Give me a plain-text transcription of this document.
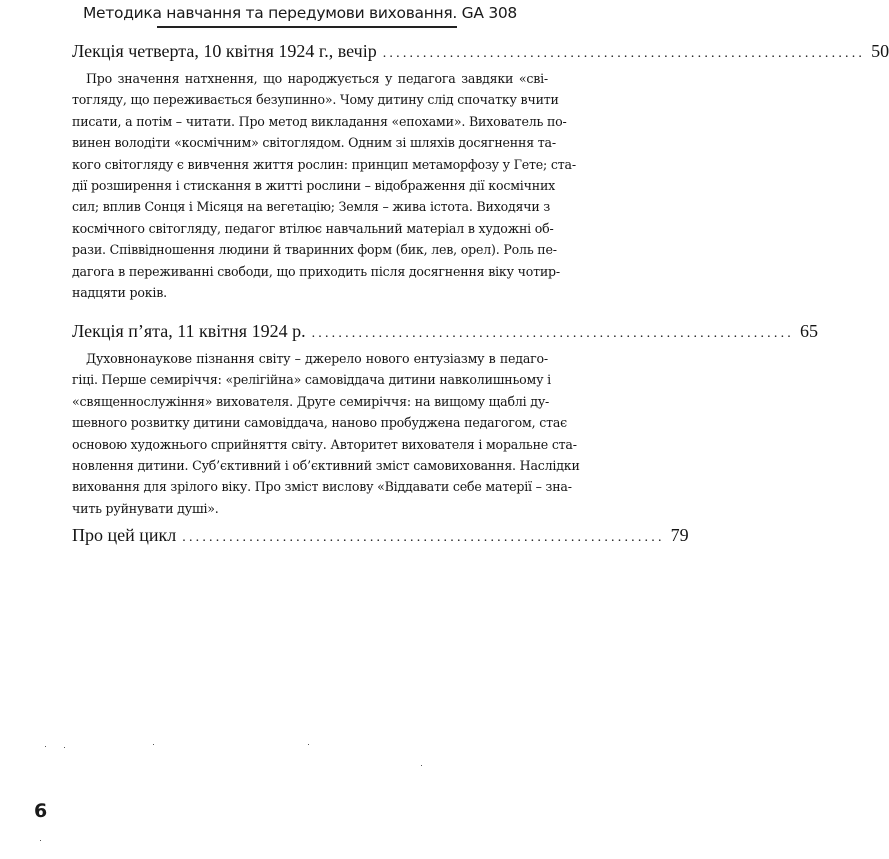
Методика навчання та передумови виховання. GA 308
Лекція четверта, 10 квітня 1924 г., вечір ........................................................................ 50
Про значення натхнення, що народжується у педагога завдяки «сві-
тогляду, що переживається безупинно». Чому дитину слід спочатку вчити
писати, а потім – читати. Про метод викладання «епохами». Вихователь по-
винен володіти «космічним» світоглядом. Одним зі шляхів досягнення та-
кого світогляду є вивчення життя рослин: принцип метаморфозу у Гете; ста-
дії розширення і стискання в житті рослини – відображення дії космічних
сил; вплив Сонця і Місяця на вегетацію; Земля – жива істота. Виходячи з
космічного світогляду, педагог втілює навчальний матеріал в художні об-
рази. Співвідношення людини й тваринних форм (бик, лев, орел). Роль пе-
дагога в переживанні свободи, що приходить після досягнення віку чотир-
надцяти років.
Лекція п’ята, 11 квітня 1924 р. ........................................................................ 65
Духовнонаукове пізнання світу – джерело нового ентузіазму в педаго-
гіці. Перше семиріччя: «релігійна» самовіддача дитини навколишньому і
«священнослужіння» вихователя. Друге семиріччя: на вищому щаблі ду-
шевного розвитку дитини самовіддача, наново пробуджена педагогом, стає
основою художнього сприйняття світу. Авторитет вихователя і моральне ста-
новлення дитини. Суб’єктивний і об’єктивний зміст самовиховання. Наслідки
виховання для зрілого віку. Про зміст вислову «Віддавати себе матерії – зна-
чить руйнувати душі».
Про цей цикл ........................................................................ 79
6
